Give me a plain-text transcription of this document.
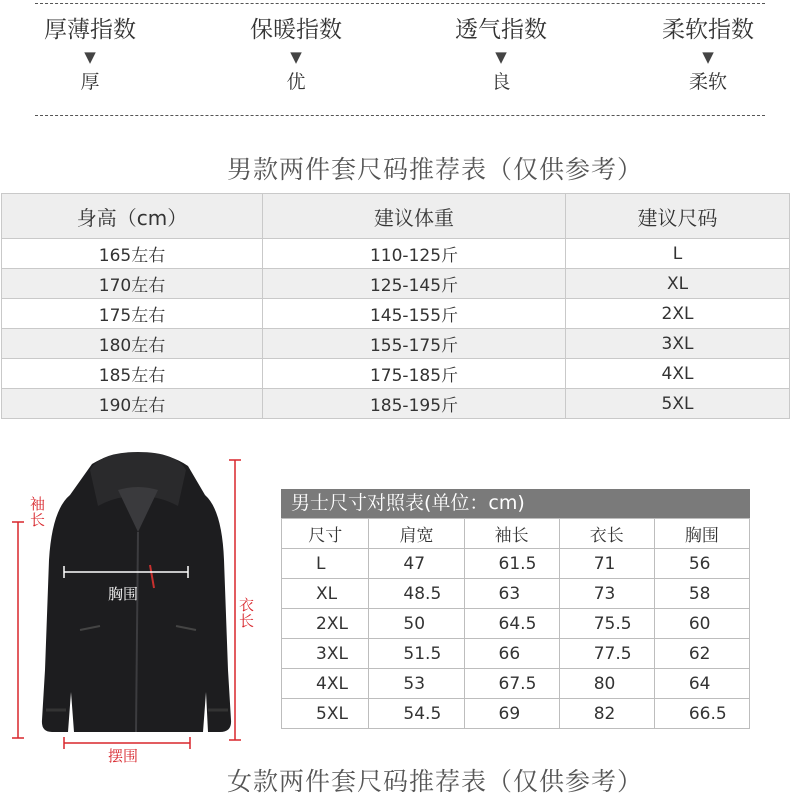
厚薄指数
▼
厚
保暖指数
▼
优
透气指数
▼
良
柔软指数
▼
柔软
男款两件套尺码推荐表（仅供参考）
身高（cm）	建议体重	建议尺码
165左右	110-125斤	L
170左右	125-145斤	XL
175左右	145-155斤	2XL
180左右	155-175斤	3XL
185左右	175-185斤	4XL
190左右	185-195斤	5XL
袖
长
胸围
衣
长
摆围
男士尺寸对照表(单位：cm)
尺寸	肩宽	袖长	衣长	胸围
L	47	61.5	71	56
XL	48.5	63	73	58
2XL	50	64.5	75.5	60
3XL	51.5	66	77.5	62
4XL	53	67.5	80	64
5XL	54.5	69	82	66.5
女款两件套尺码推荐表（仅供参考）
